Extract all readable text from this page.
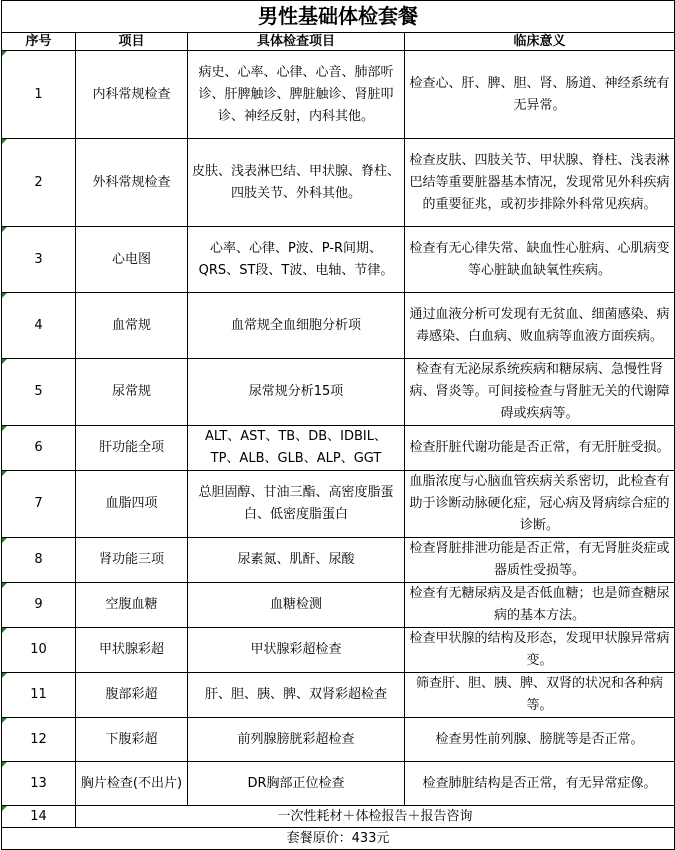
男性基础体检套餐			
序号	项目	具体检查项目	临床意义
1	内科常规检查	病史、心率、心律、心音、肺部听诊、肝脾触诊、脾脏触诊、肾脏叩诊、神经反射，内科其他。	检查心、肝、脾、胆、肾、肠道、神经系统有无异常。
2	外科常规检查	皮肤、浅表淋巴结、甲状腺、脊柱、四肢关节、外科其他。	检查皮肤、四肢关节、甲状腺、脊柱、浅表淋巴结等重要脏器基本情况，发现常见外科疾病的重要征兆，或初步排除外科常见疾病。
3	心电图	心率、心律、P波、P-R间期、QRS、ST段、T波、电轴、节律。	检查有无心律失常、缺血性心脏病、心肌病变等心脏缺血缺氧性疾病。
4	血常规	血常规全血细胞分析项	通过血液分析可发现有无贫血、细菌感染、病毒感染、白血病、败血病等血液方面疾病。
5	尿常规	尿常规分析15项	检查有无泌尿系统疾病和糖尿病、急慢性肾病、肾炎等。可间接检查与肾脏无关的代谢障碍或疾病等。
6	肝功能全项	ALT、AST、TB、DB、IDBIL、TP、ALB、GLB、ALP、GGT	检查肝脏代谢功能是否正常，有无肝脏受损。
7	血脂四项	总胆固醇、甘油三酯、高密度脂蛋白、低密度脂蛋白	血脂浓度与心脑血管疾病关系密切，此检查有助于诊断动脉硬化症，冠心病及肾病综合症的诊断。
8	肾功能三项	尿素氮、肌酐、尿酸	检查肾脏排泄功能是否正常，有无肾脏炎症或器质性受损等。
9	空腹血糖	血糖检测	检查有无糖尿病及是否低血糖；也是筛查糖尿病的基本方法。
10	甲状腺彩超	甲状腺彩超检查	检查甲状腺的结构及形态，发现甲状腺异常病变。
11	腹部彩超	肝、胆、胰、脾、双肾彩超检查	筛查肝、胆、胰、脾、双肾的状况和各种病等。
12	下腹彩超	前列腺膀胱彩超检查	检查男性前列腺、膀胱等是否正常。
13	胸片检查(不出片)	DR胸部正位检查	检查肺脏结构是否正常，有无异常症像。
14	一次性耗材＋体检报告＋报告咨询		
套餐原价：433元			
